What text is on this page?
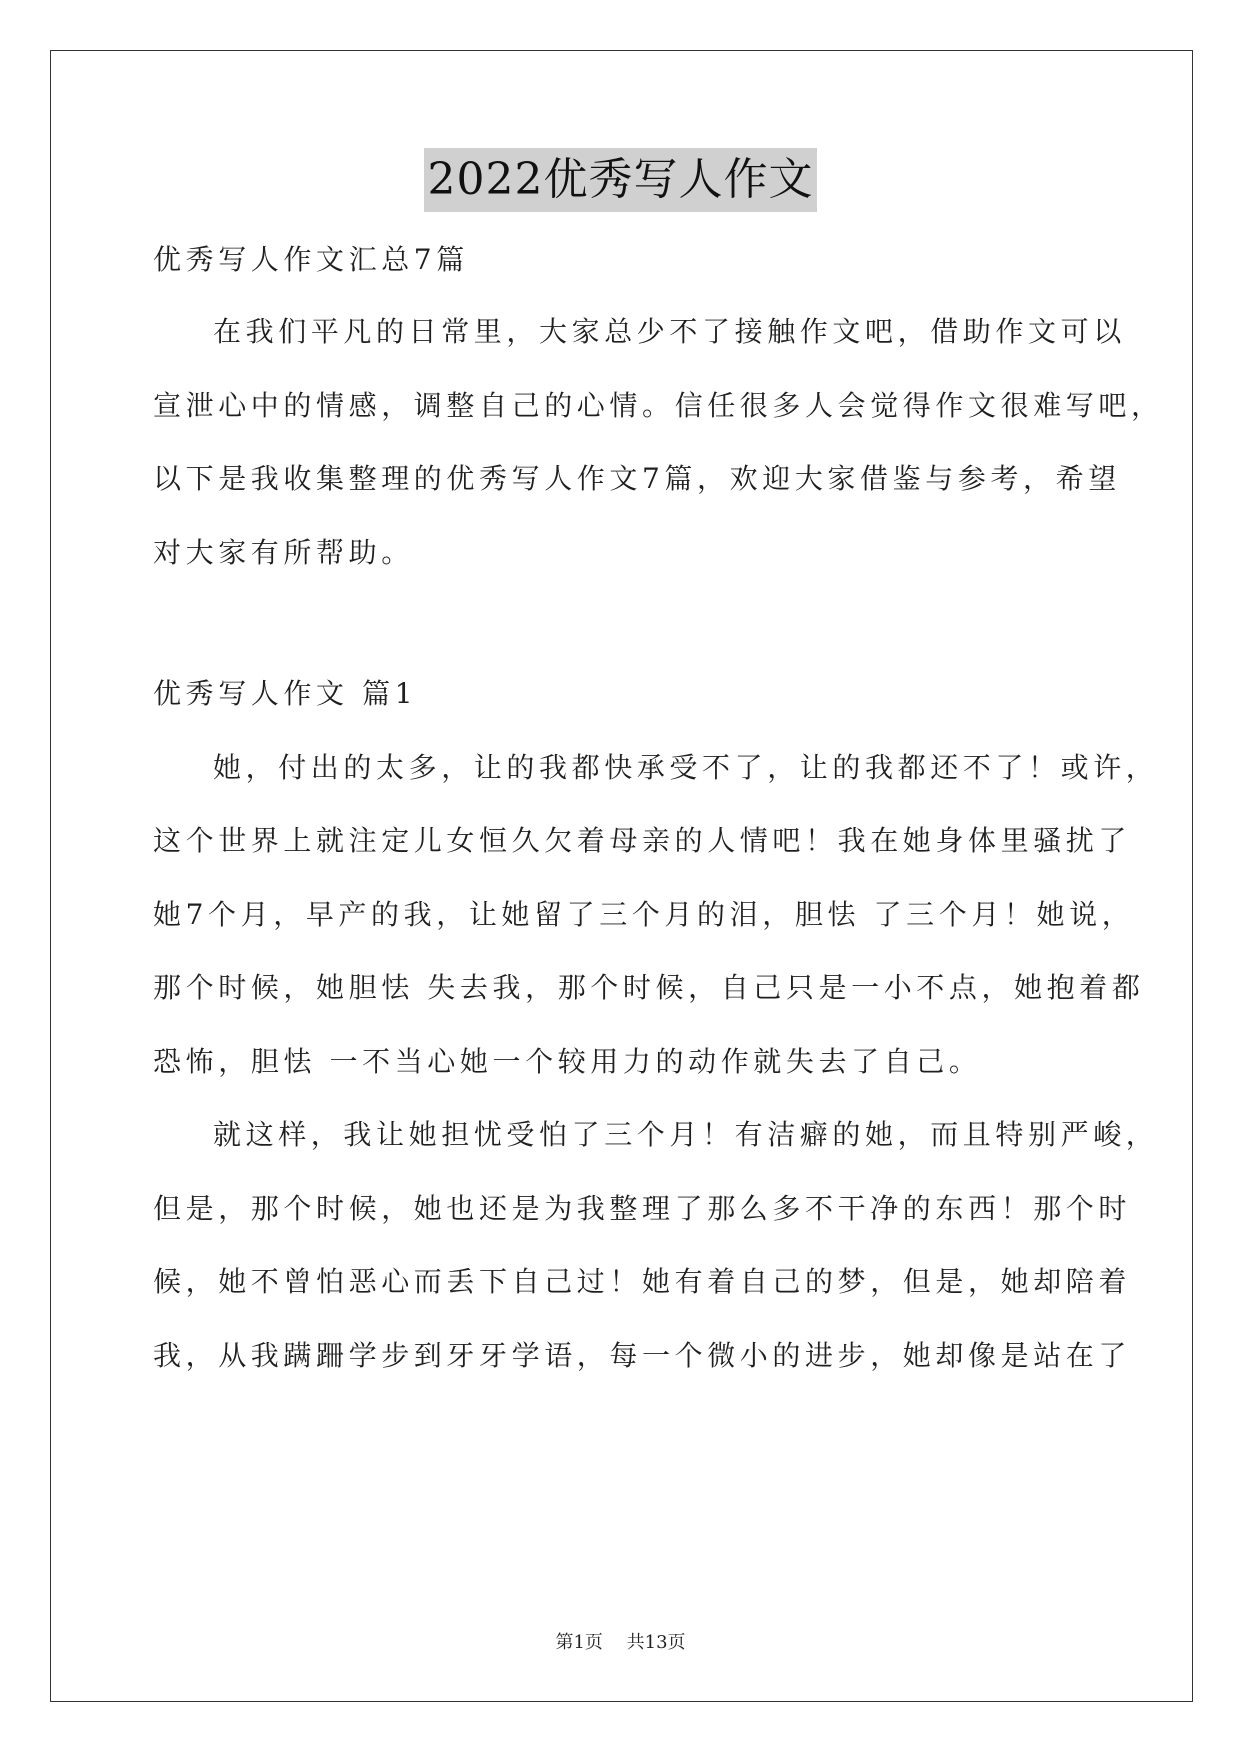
2022优秀写人作文
优秀写人作文汇总7篇
在我们平凡的日常里，大家总少不了接触作文吧，借助作文可以
宣泄心中的情感，调整自己的心情。信任很多人会觉得作文很难写吧，
以下是我收集整理的优秀写人作文7篇，欢迎大家借鉴与参考，希望
对大家有所帮助。
优秀写人作文 篇1
她，付出的太多，让的我都快承受不了，让的我都还不了！或许，
这个世界上就注定儿女恒久欠着母亲的人情吧！我在她身体里骚扰了
她7个月，早产的我，让她留了三个月的泪，胆怯 了三个月！她说，
那个时候，她胆怯 失去我，那个时候，自己只是一小不点，她抱着都
恐怖，胆怯 一不当心她一个较用力的动作就失去了自己。
就这样，我让她担忧受怕了三个月！有洁癖的她，而且特别严峻，
但是，那个时候，她也还是为我整理了那么多不干净的东西！那个时
候，她不曾怕恶心而丢下自己过！她有着自己的梦，但是，她却陪着
我，从我蹒跚学步到牙牙学语，每一个微小的进步，她却像是站在了
第1页 共13页
